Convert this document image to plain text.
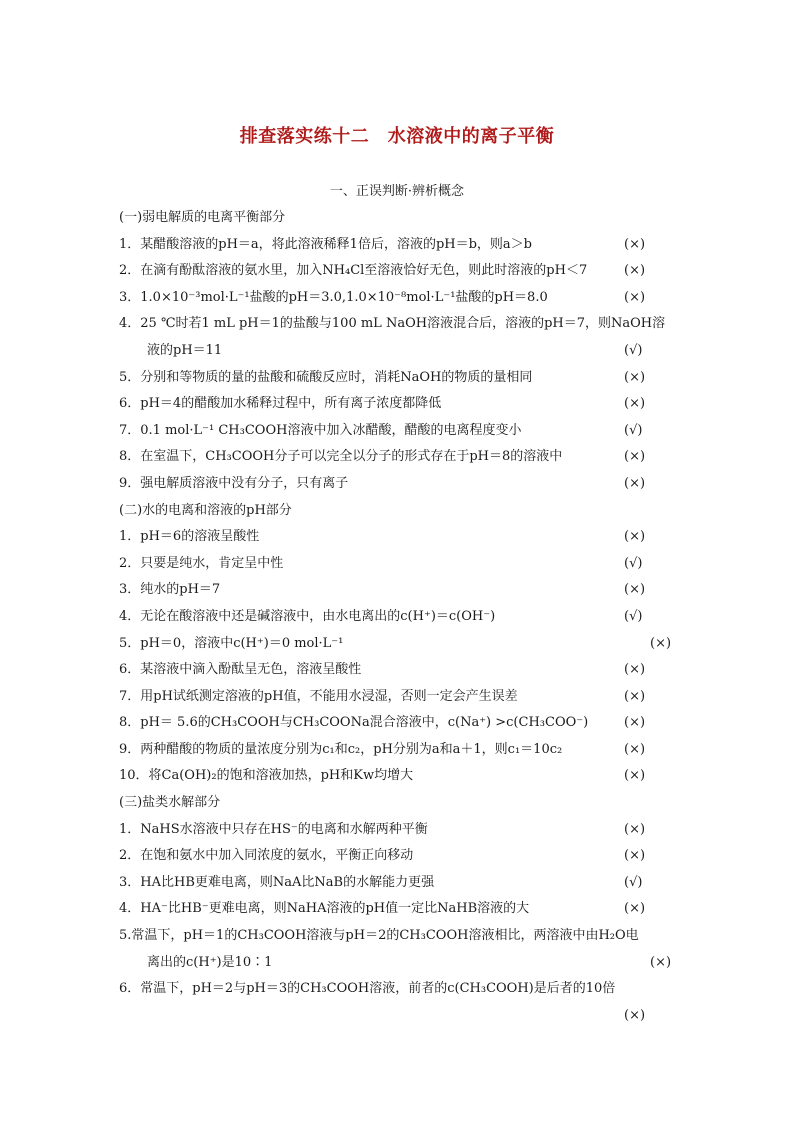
排查落实练十二　水溶液中的离子平衡
一、正误判断·辨析概念
(一)弱电解质的电离平衡部分
1．某醋酸溶液的pH＝a，将此溶液稀释1倍后，溶液的pH＝b，则a＞b	(×)
2．在滴有酚酞溶液的氨水里，加入NH₄Cl至溶液恰好无色，则此时溶液的pH＜7	(×)
3．1.0×10⁻³mol·L⁻¹盐酸的pH＝3.0,1.0×10⁻⁸mol·L⁻¹盐酸的pH＝8.0	(×)
4．25 ℃时若1 mL pH＝1的盐酸与100 mL NaOH溶液混合后，溶液的pH＝7，则NaOH溶
液的pH＝11	(√)
5．分别和等物质的量的盐酸和硫酸反应时，消耗NaOH的物质的量相同	(×)
6．pH＝4的醋酸加水稀释过程中，所有离子浓度都降低	(×)
7．0.1 mol·L⁻¹ CH₃COOH溶液中加入冰醋酸，醋酸的电离程度变小	(√)
8．在室温下，CH₃COOH分子可以完全以分子的形式存在于pH＝8的溶液中	(×)
9．强电解质溶液中没有分子，只有离子	(×)
(二)水的电离和溶液的pH部分
1．pH＝6的溶液呈酸性	(×)
2．只要是纯水，肯定呈中性	(√)
3．纯水的pH＝7	(×)
4．无论在酸溶液中还是碱溶液中，由水电离出的c(H⁺)＝c(OH⁻)	(√)
5．pH＝0，溶液中c(H⁺)＝0 mol·L⁻¹	(×)
6．某溶液中滴入酚酞呈无色，溶液呈酸性	(×)
7．用pH试纸测定溶液的pH值，不能用水浸湿，否则一定会产生误差	(×)
8．pH＝ 5.6的CH₃COOH与CH₃COONa混合溶液中，c(Na⁺) >c(CH₃COO⁻)	(×)
9．两种醋酸的物质的量浓度分别为c₁和c₂，pH分别为a和a＋1，则c₁＝10c₂	(×)
10．将Ca(OH)₂的饱和溶液加热，pH和Kw均增大	(×)
(三)盐类水解部分
1．NaHS水溶液中只存在HS⁻的电离和水解两种平衡	(×)
2．在饱和氨水中加入同浓度的氨水，平衡正向移动	(×)
3．HA比HB更难电离，则NaA比NaB的水解能力更强	(√)
4．HA⁻比HB⁻更难电离，则NaHA溶液的pH值一定比NaHB溶液的大	(×)
5.常温下，pH＝1的CH₃COOH溶液与pH＝2的CH₃COOH溶液相比，两溶液中由H₂O电
离出的c(H⁺)是10∶1	(×)
6．常温下，pH＝2与pH＝3的CH₃COOH溶液，前者的c(CH₃COOH)是后者的10倍
(×)
